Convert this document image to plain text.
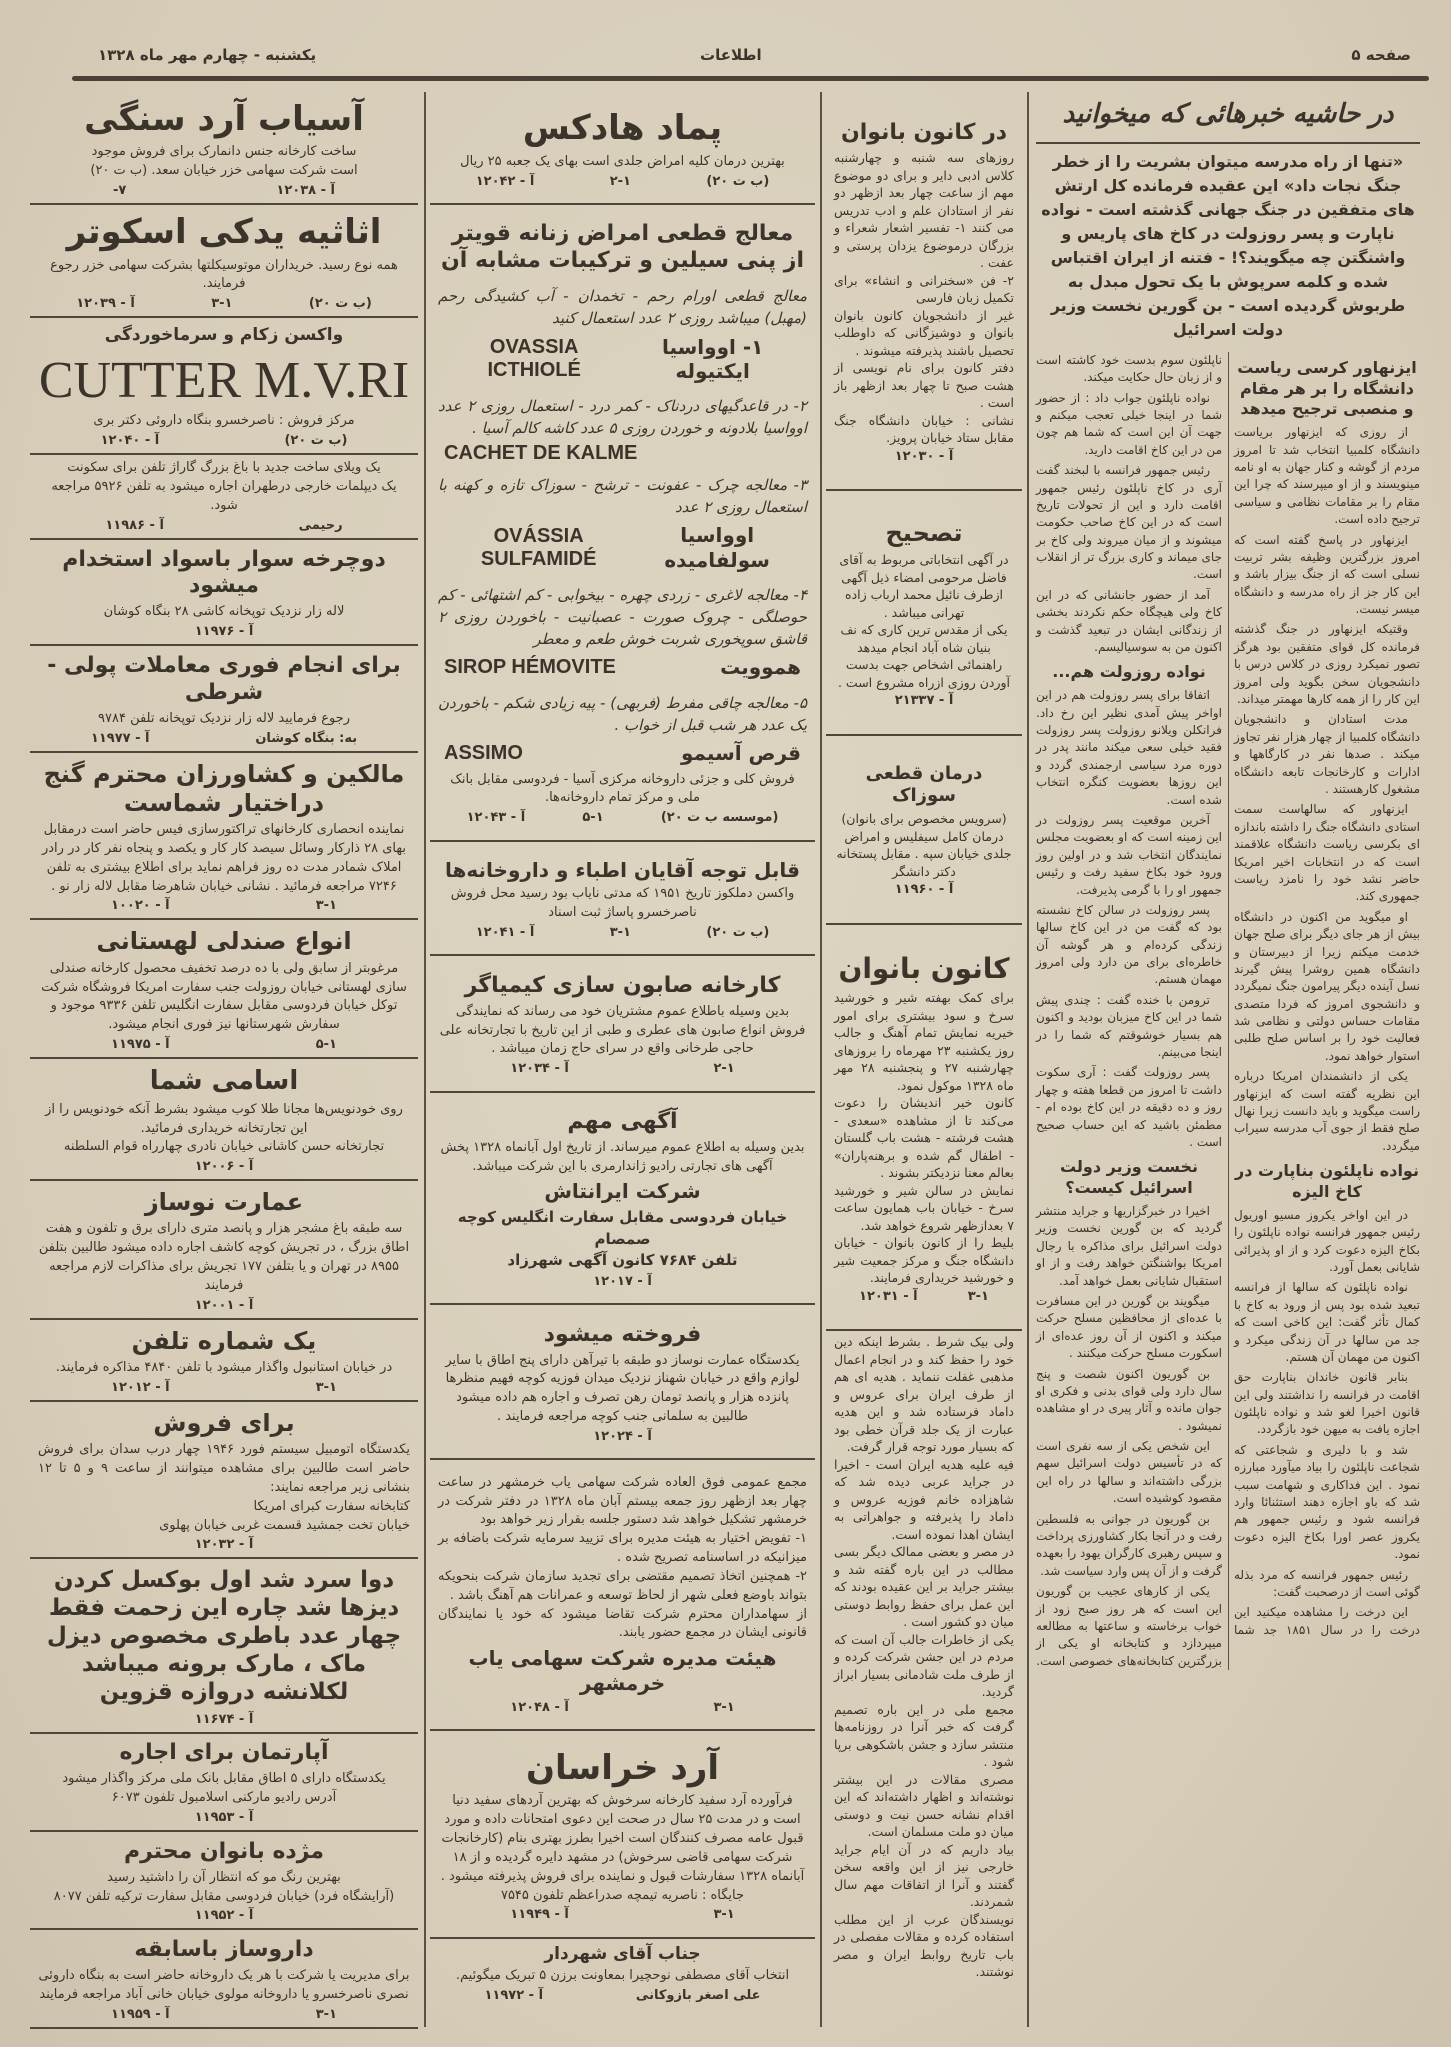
صفحه ۵
اطلاعات
یکشنبه - چهارم مهر ماه ۱۳۲۸
آسیاب آرد سنگی
ساخت کارخانه جنس دانمارک برای فروش موجود
است شرکت سهامی خزر خیابان سعد. (ب ت ۲۰)
آ - ۱۲۰۳۸
۷-
اثاثیه یدکی اسکوتر
همه نوع رسید. خریداران موتوسیکلتها بشرکت سهامی خزر رجوع فرمایند.
(ب ت ۲۰)
۳-۱
آ - ۱۲۰۳۹
واکسن زکام و سرماخوردگی
CUTTER M.V.RI
مرکز فروش : ناصرخسرو بنگاه داروئی دکتر بری
(ب ت ۲۰)
آ - ۱۲۰۴۰
یک ویلای ساخت جدید با باغ بزرگ گاراژ تلفن برای سکونت
یک دیپلمات خارجی درطهران اجاره میشود به تلفن ۵۹۲۶ مراجعه شود.
رحیمی
آ - ۱۱۹۸۶
دوچرخه سوار باسواد استخدام میشود
لاله زار نزدیک توپخانه کاشی ۲۸ بنگاه کوشان
آ - ۱۱۹۷۶
برای انجام فوری معاملات پولی - شرطی
رجوع فرمایید لاله زار نزدیک توپخانه تلفن ۹۷۸۴
به: بنگاه کوشان
آ - ۱۱۹۷۷
مالکین و کشاورزان محترم گنج دراختیار شماست
نماینده انحصاری کارخانهای تراکتورسازی فیس حاضر است درمقابل بهای ۲۸ ذارکار وسائل سیصد کار کار و یکصد و پنجاه نفر کار در رادر املاک شمادر مدت ده روز فراهم نماید برای اطلاع بیشتری به تلفن ۷۲۴۶ مراجعه فرمائید . نشانی خیابان شاهرضا مقابل لاله زار نو .
۳-۱
آ - ۱۰۰۲۰
انواع صندلی لهستانی
مرغوبتر از سابق ولی با ده درصد تخفیف محصول کارخانه صندلی سازی لهستانی خیابان روزولت جنب سفارت امریکا فروشگاه شرکت توکل خیابان فردوسی مقابل سفارت انگلیس تلفن ۹۳۳۶ موجود و سفارش شهرستانها نیز فوری انجام میشود.
۵-۱
آ - ۱۱۹۷۵
اسامی شما
روی خودنویس‌ها مجانا طلا کوب میشود بشرط آنکه خودنویس را از این تجارتخانه خریداری فرمائید.
تجارتخانه حسن کاشانی خیابان نادری چهارراه قوام السلطنه
آ - ۱۲۰۰۶
عمارت نوساز
سه طبقه باغ مشجر هزار و پانصد متری دارای برق و تلفون و هفت اطاق بزرگ ، در تجریش کوچه کاشف اجاره داده میشود طالبین بتلفن ۸۹۵۵ در تهران و یا بتلفن ۱۷۷ تجریش برای مذاکرات لازم مراجعه فرمایند
آ - ۱۲۰۰۱
یک شماره تلفن
در خیابان استانبول واگذار میشود با تلفن ۴۸۴۰ مذاکره فرمایند.
۳-۱
آ - ۱۲۰۱۲
برای فروش
یکدستگاه اتومبیل سیستم فورد ۱۹۴۶ چهار درب سدان برای فروش حاضر است طالبین برای مشاهده میتوانند از ساعت ۹ و ۵ تا ۱۲ بنشانی زیر مراجعه نمایند:
کتابخانه سفارت کبرای امریکا
خیابان تخت جمشید قسمت غربی خیابان پهلوی
آ - ۱۲۰۳۲
دوا سرد شد اول بوکسل کردن دیزها شد چاره این زحمت فقط چهار عدد باطری مخصوص دیزل ماک ، مارک برونه میباشد لکلانشه دروازه قزوین
آ - ۱۱۶۷۴
آپارتمان برای اجاره
یکدستگاه دارای ۵ اطاق مقابل بانک ملی مرکز واگذار میشود
آدرس رادیو مارکنی اسلامبول تلفون ۶۰۷۳
آ - ۱۱۹۵۳
مژده بانوان محترم
بهترین رنگ مو که انتظار آن را داشتید رسید
(آرایشگاه فرد) خیابان فردوسی مقابل سفارت ترکیه تلفن ۸۰۷۷
آ - ۱۱۹۵۲
داروساز باسابقه
برای مدیریت یا شرکت با هر یک داروخانه حاضر است به بنگاه داروئی نصری ناصرخسرو یا داروخانه مولوی خیابان خانی آباد مراجعه فرمایند
۳-۱
آ - ۱۱۹۵۹
پماد هادکس
بهترین درمان کلیه امراض جلدی است بهای یک جعبه ۲۵ ریال
(ب ت ۲۰)
۲-۱
آ - ۱۲۰۴۲
معالج قطعی امراض زنانه قویتر از پنی سیلین و ترکیبات مشابه آن
معالج قطعی اورام رحم - تخمدان - آب کشیدگی رحم (مهبل) میباشد روزی ۲ عدد استعمال کنید
۱- اوواسیا ایکتیوله
OVASSIA ICTHIOLÉ
۲- در قاعدگیهای دردناک - کمر درد - استعمال روزی ۲ عدد اوواسیا بلادونه و خوردن روزی ۵ عدد کاشه کالم آسیا .
CACHET DE KALME
۳- معالجه چرک - عفونت - ترشح - سوزاک تازه و کهنه با استعمال روزی ۲ عدد
اوواسیا سولفامیده
OVÁSSIA SULFAMIDÉ
۴- معالجه لاغری - زردی چهره - بیخوابی - کم اشتهائی - کم حوصلگی - چروک صورت - عصبانیت - باخوردن روزی ۲ قاشق سوپخوری شربت خوش طعم و معطر
هموویت
SIROP HÉMOVITE
۵- معالجه چاقی مفرط (فربهی) - پیه زیادی شکم - باخوردن یک عدد هر شب قبل از خواب .
قرص آسیمو
ASSIMO
فروش کلی و جزئی داروخانه مرکزی آسیا - فردوسی مقابل بانک ملی و مرکز تمام داروخانه‌ها.
(موسسه ب ت ۲۰)
۵-۱
آ - ۱۲۰۴۳
قابل توجه آقایان اطباء و داروخانه‌ها
واکسن دملکوز تاریخ ۱۹۵۱ که مدتی نایاب بود رسید محل فروش ناصرخسرو پاساژ ثبت اسناد
(ب ت ۲۰)
۳-۱
آ - ۱۲۰۴۱
کارخانه صابون سازی کیمیاگر
بدین وسیله باطلاع عموم مشتریان خود می رساند که نمایندگی فروش انواع صابون های عطری و طبی از این تاریخ با تجارتخانه علی حاجی طرخانی واقع در سرای حاج زمان میباشد .
۲-۱
آ - ۱۲۰۳۴
آگهی مهم
بدین وسیله به اطلاع عموم میرساند. از تاریخ اول آبانماه ۱۳۲۸ پخش آگهی های تجارتی رادیو ژاندارمری با این شرکت میباشد.
شرکت ایرانتاش
خیابان فردوسی مقابل سفارت انگلیس کوچه صمصام
تلفن ۷۶۸۴ کانون آگهی شهرزاد
آ - ۱۲۰۱۷
فروخته میشود
یکدستگاه عمارت نوساز دو طبقه با تیرآهن دارای پنج اطاق با سایر لوازم واقع در خیابان شهناز نزدیک میدان فوزیه کوچه فهیم منظرها پانزده هزار و پانصد تومان رهن تصرف و اجاره هم داده میشود طالبین به سلمانی جنب کوچه مراجعه فرمایند .
آ - ۱۲۰۲۴
مجمع عمومی فوق العاده شرکت سهامی یاب خرمشهر در ساعت چهار بعد ازظهر روز جمعه بیستم آبان ماه ۱۳۲۸ در دفتر شرکت در خرمشهر تشکیل خواهد شد دستور جلسه بقرار زیر خواهد بود
۱- تفویض اختیار به هیئت مدیره برای تزیید سرمایه شرکت باضافه بر میزانیکه در اساسنامه تصریح شده .
۲- همچنین اتخاذ تصمیم مقتضی برای تجدید سازمان شرکت بنحویکه بتواند باوضع فعلی شهر از لحاظ توسعه و عمرانات هم آهنگ باشد .
از سهامداران محترم شرکت تقاضا میشود که خود یا نمایندگان قانونی ایشان در مجمع حضور یابند.
هیئت مدیره شرکت سهامی یاب خرمشهر
۳-۱
آ - ۱۲۰۴۸
آرد خراسان
فرآورده آرد سفید کارخانه سرخوش که بهترین آردهای سفید دنیا است و در مدت ۲۵ سال در صحت این دعوی امتحانات داده و مورد قبول عامه مصرف کنندگان است اخیرا بطرز بهتری بنام (کارخانجات شرکت سهامی قاضی سرخوش) در مشهد دایره گردیده و از ۱۸ آبانماه ۱۳۲۸ سفارشات قبول و نماینده برای فروش پذیرفته میشود .
جایگاه : ناصریه تیمچه صدراعظم تلفون ۷۵۴۵
۳-۱
آ - ۱۱۹۴۹
جناب آقای شهردار
انتخاب آقای مصطفی نوحچیرا بمعاونت برزن ۵ تبریک میگوئیم.
علی اصغر بازوکانی
آ - ۱۱۹۷۲
در کانون بانوان
روزهای سه شنبه و چهارشنبه کلاس ادبی دایر و برای دو موضوع مهم از ساعت چهار بعد ازظهر دو نفر از استادان علم و ادب تدریس می کنند ۱- تفسیر اشعار شعراء و بزرگان درموضوع یزدان پرستی و عفت .
۲- فن «سخنرانی و انشاء» برای تکمیل زبان فارسی
غیر از دانشجویان کانون بانوان بانوان و دوشیزگانی که داوطلب تحصیل باشند پذیرفته میشوند .
دفتر کانون برای نام نویسی از هشت صبح تا چهار بعد ازظهر باز است .
نشانی : خیابان دانشگاه جنگ مقابل ستاد خیابان پرویز.
آ - ۱۲۰۳۰
تصحیح
در آگهی انتخاباتی مربوط به آقای فاضل مرحومی امضاء ذیل آگهی ازطرف نائیل محمد ارباب زاده تهرانی میباشد .
یکی از مقدس ترین کاری که نف بنیان شاه آباد انجام میدهد راهنمائی اشخاص جهت بدست آوردن روزی ازراه مشروع است .
آ - ۲۱۳۳۷
درمان قطعی سوزاک
(سرویس مخصوص برای بانوان)
درمان کامل سیفلیس و امراض جلدی خیابان سپه . مقابل پستخانه دکتر دانشگر
آ - ۱۱۹۶۰
کانون بانوان
برای کمک بهفته شیر و خورشید سرخ و سود بیشتری برای امور خیریه نمایش تمام آهنگ و جالب روز یکشنبه ۲۳ مهرماه را بروزهای چهارشنبه ۲۷ و پنجشنبه ۲۸ مهر ماه ۱۳۲۸ موکول نمود.
کانون خیر اندیشان را دعوت می‌کند تا از مشاهده «سعدی - هشت فرشته - هشت باب گلستان - اطفال گم شده و برهنه‌پاران» بعالم معنا نزدیکتر بشوند .
نمایش در سالن شیر و خورشید سرخ - خیابان باب همایون ساعت ۷ بعدازظهر شروع خواهد شد.
بلیط را از کانون بانوان - خیابان دانشگاه جنگ و مرکز جمعیت شیر و خورشید خریداری فرمایند.
۳-۱
آ - ۱۲۰۳۱
ولی بیک شرط . بشرط اینکه دین خود را حفظ کند و در انجام اعمال مذهبی غفلت ننماید . هدیه ای هم از طرف ایران برای عروس و داماد فرستاده شد و این هدیه عبارت از یک جلد قرآن خطی بود که بسیار مورد توجه قرار گرفت.
فیه علیه هدیه ایران است - اخیرا در جراید عربی دیده شد که شاهزاده خانم فوزیه عروس و داماد را پذیرفته و جواهراتی به ایشان اهدا نموده است.
در مصر و بعضی ممالک دیگر بسی مطالب در این باره گفته شد و بیشتر جراید بر این عقیده بودند که این عمل برای حفظ روابط دوستی میان دو کشور است .
یکی از خاطرات جالب آن است که مردم در این جشن شرکت کرده و از طرف ملت شادمانی بسیار ابراز گردید.
مجمع ملی در این باره تصمیم گرفت که خبر آنرا در روزنامه‌ها منتشر سازد و جشن باشکوهی برپا شود .
مصری مقالات در این بیشتر نوشته‌اند و اظهار داشته‌اند که این اقدام نشانه حسن نیت و دوستی میان دو ملت مسلمان است.
بیاد داریم که در آن ایام جراید خارجی نیز از این واقعه سخن گفتند و آنرا از اتفاقات مهم سال شمردند.
نویسندگان عرب از این مطلب استفاده کرده و مقالات مفصلی در باب تاریخ روابط ایران و مصر نوشتند.
در حاشیه خبرهائی که میخوانید
«تنها از راه مدرسه میتوان بشریت را از خطر جنگ نجات داد» این عقیده فرمانده کل ارتش های متفقین در جنگ جهانی گذشته است - نواده ناپارت و پسر روزولت در کاخ های پاریس و واشنگتن چه میگویند؟! - فتنه از ایران اقتباس شده و کلمه سرپوش با یک تحول مبدل به طربوش گردیده است - بن گورین نخست وزیر دولت اسرائیل
ایزنهاور کرسی ریاست دانشگاه را بر هر مقام و منصبی ترجیح میدهد

از روزی که ایزنهاور بریاست دانشگاه کلمبیا انتخاب شد تا امروز مردم از گوشه و کنار جهان به او نامه مینویسند و از او میپرسند که چرا این مقام را بر مقامات نظامی و سیاسی ترجیح داده است.

ایزنهاور در پاسخ گفته است که امروز بزرگترین وظیفه بشر تربیت نسلی است که از جنگ بیزار باشد و این کار جز از راه مدرسه و دانشگاه میسر نیست.

وقتیکه ایزنهاور در جنگ گذشته فرمانده کل قوای متفقین بود هرگز تصور نمیکرد روزی در کلاس درس با دانشجویان سخن بگوید ولی امروز این کار را از همه کارها مهمتر میداند.

مدت استادان و دانشجویان دانشگاه کلمبیا از چهار هزار نفر تجاوز میکند . صدها نفر در کارگاهها و ادارات و کارخانجات تابعه دانشگاه مشغول کارهستند .

ایزنهاور که سالهاست سمت استادی دانشگاه جنگ را داشته باندازه ای بکرسی ریاست دانشگاه علاقمند است که در انتخابات اخیر امریکا حاضر نشد خود را نامزد ریاست جمهوری کند.

او میگوید من اکنون در دانشگاه بیش از هر جای دیگر برای صلح جهان خدمت میکنم زیرا از دبیرستان و دانشگاه همین روشرا پیش گیرند نسل آینده دیگر پیرامون جنگ نمیگردد و دانشجوی امروز که فردا متصدی مقامات حساس دولتی و نظامی شد فعالیت خود را بر اساس صلح طلبی استوار خواهد نمود.

یکی از دانشمندان امریکا درباره این نظریه گفته است که ایزنهاور راست میگوید و باید دانست زیرا نهال صلح فقط از جوی آب مدرسه سیراب میگردد.

نواده ناپلئون بناپارت در کاخ الیزه

در این اواخر یکروز مسیو اوریول رئیس جمهور فرانسه نواده ناپلئون را بکاخ الیزه دعوت کرد و از او پذیرائی شایانی بعمل آورد.

نواده ناپلئون که سالها از فرانسه تبعید شده بود پس از ورود به کاخ با کمال تأثر گفت: این کاخی است که جد من سالها در آن زندگی میکرد و اکنون من مهمان آن هستم.

بنابر قانون خاندان بناپارت حق اقامت در فرانسه را نداشتند ولی این قانون اخیرا لغو شد و نواده ناپلئون اجازه یافت به میهن خود بازگردد.

شد و با دلیری و شجاعتی که شجاعت ناپلئون را بیاد میآورد مبارزه نمود . این فداکاری و شهامت سبب شد که باو اجازه دهند استثنائا وارد فرانسه شود و رئیس جمهور هم یکروز عصر اورا بکاخ الیزه دعوت نمود.

رئیس جمهور فرانسه که مرد بذله گوئی است از درصحبت گفت:

این درخت را مشاهده میکنید این درخت را در سال ۱۸۵۱ جد شما ناپلئون سوم بدست خود کاشته است و از زبان حال حکایت میکند.

نواده ناپلئون جواب داد : از حضور شما در اینجا خیلی تعجب میکنم و جهت آن این است که شما هم چون من در این کاخ اقامت دارید.

رئیس جمهور فرانسه با لبخند گفت آری در کاخ ناپلئون رئیس جمهور اقامت دارد و این از تحولات تاریخ است که در این کاخ صاحب حکومت میشوند و از میان میروند ولی کاخ بر جای میماند و کاری بزرگ تر از انقلاب است.

آمد از حضور جانشانی که در این کاخ ولی هیچگاه حکم نکردند بخشی از زندگانی ایشان در تبعید گذشت و اکنون من به سوسیالیسم.

نواده روزولت هم...

اتفاقا برای پسر روزولت هم در این اواخر پیش آمدی نظیر این رخ داد. فرانکلن ویلانو روزولت پسر روزولت فقید خیلی سعی میکند مانند پدر در دوره مرد سیاسی ارجمندی گردد و این روزها بعضویت کنگره انتخاب شده است.

آخرین موقعیت پسر روزولت در این زمینه است که او بعضویت مجلس نمایندگان انتخاب شد و در اولین روز ورود خود بکاخ سفید رفت و رئیس جمهور او را با گرمی پذیرفت.

پسر روزولت در سالن کاخ نشسته بود که گفت من در این کاخ سالها زندگی کرده‌ام و هر گوشه آن خاطره‌ای برای من دارد ولی امروز مهمان هستم.

ترومن با خنده گفت : چندی پیش شما در این کاخ میزبان بودید و اکنون هم بسیار خوشوقتم که شما را در اینجا می‌بینم.

پسر روزولت گفت : آری سکوت داشت تا امروز من قطعا هفته و چهار روز و ده دقیقه در این کاخ بوده ام - مطمئن باشید که این حساب صحیح است .

نخست وزیر دولت اسرائیل کیست؟

اخیرا در خبرگزاریها و جراید منتشر گردید که بن گورین نخست وزیر دولت اسرائیل برای مذاکره با رجال امریکا بواشنگتن خواهد رفت و از او استقبال شایانی بعمل خواهد آمد.

میگویند بن گورین در این مسافرت با عده‌ای از محافظین مسلح حرکت میکند و اکنون از آن روز عده‌ای از اسکورت مسلح حرکت میکنند .

بن گوریون اکنون شصت و پنج سال دارد ولی قوای بدنی و فکری او جوان مانده و آثار پیری در او مشاهده نمیشود .

این شخص یکی از سه نفری است که در تأسیس دولت اسرائیل سهم بزرگی داشته‌اند و سالها در راه این مقصود کوشیده است.

بن گوریون در جوانی به فلسطین رفت و در آنجا بکار کشاورزی پرداخت و سپس رهبری کارگران یهود را بعهده گرفت و از آن پس وارد سیاست شد.

یکی از کارهای عجیب بن گوریون این است که هر روز صبح زود از خواب برخاسته و ساعتها به مطالعه میپردازد و کتابخانه او یکی از بزرگترین کتابخانه‌های خصوصی است.
